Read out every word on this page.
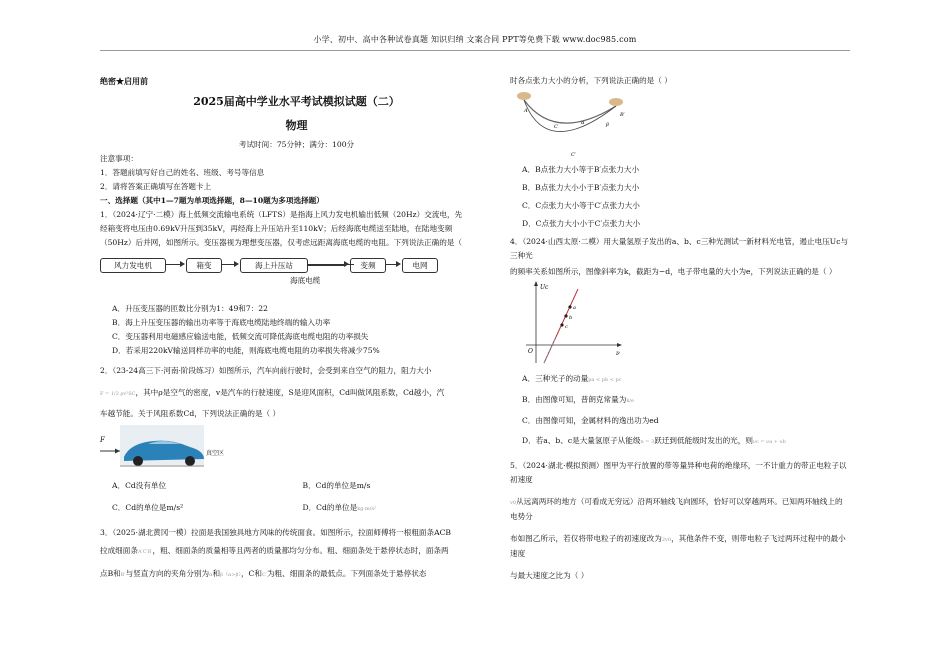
小学、初中、高中各种试卷真题 知识归纳 文案合同 PPT等免费下载 www.doc985.com
绝密★启用前
2025届高中学业水平考试模拟试题（二）
物理
考试时间：75分钟；满分：100分

注意事项：

1．答题前填写好自己的姓名、班级、考号等信息

2．请将答案正确填写在答题卡上

一、选择题（其中1—7题为单项选择题，8—10题为多项选择题）

1．（2024·辽宁·二模）海上低频交流输电系统（LFTS）是指海上风力发电机输出低频（20Hz）交流电，先

经箱变将电压由0.69kV升压到35kV，再经海上升压站升至110kV；后经海底电缆送至陆地，在陆地变频

（50Hz）后并网，如图所示。变压器视为理想变压器，仅考虑远距离海底电缆的电阻。下列说法正确的是（

风力发电机	箱变	海上升压站	变频	电网
海底电缆

A．升压变压器的匝数比分别为1：49和7：22

B．海上升压变压器的输出功率等于海底电缆陆地终端的输入功率

C．变压器利用电磁感应输送电能，低频交流可降低海底电缆电阻的功率损失

D．若采用220kV输送同样功率的电能，则海底电缆电阻的功率损失将减少75%

2．（23-24高三下·河南·阶段练习）如图所示，汽车向前行驶时，会受到来自空气的阻力，阻力大小

F = 1/2 ρv²SC，其中ρ是空气的密度，v是汽车的行驶速度，S是迎风面积，Cd叫做风阻系数，Cd越小，汽

车越节能。关于风阻系数Cd，下列说法正确的是（ ）

F
真空区
A．Cd没有单位	B．Cd的单位是m/s
C．Cd的单位是m/s²	D．Cd的单位是kg·m/s²

3．（2025·湖北黄冈一模）拉面是我国独具地方风味的传统面食。如图所示，拉面师傅将一根粗面条ACB

拉成细面条A′C′B′，粗、细面条的质量相等且两者的质量都均匀分布。粗、细面条处于悬停状态时，面条两

点B和B′与竖直方向的夹角分别为α和β（α>β），C和C′为粗、细面条的最低点。下列面条处于悬停状态

时各点张力大小的分析，下列说法正确的是（ ）

A
B′
C
C′
α	β

A．B点张力大小等于B′点张力大小

B．B点张力大小小于B′点张力大小

C．C点张力大小等于C′点张力大小

D．C点张力大小小于C′点张力大小

4．（2024·山西太原·二模）用大量氢原子发出的a、b、c三种光测试一新材料光电管，遏止电压Uc与三种光

的频率关系如图所示，图像斜率为k，截距为−d，电子带电量的大小为e，下列说法正确的是（ ）

Uc
ν
O
a
b
c

A．三种光子的动量pa < pb < pc

B．由图像可知，普朗克常量为k/e

C．由图像可知，金属材料的逸出功为ed

D．若a、b、c是大量氢原子从能级n = 3跃迁到低能级时发出的光，则νc = νa + νb

5．（2024·湖北·模拟预测）图甲为平行放置的带等量异种电荷的绝缘环，一不计重力的带正电粒子以初速度

v0从远离两环的地方（可看成无穷远）沿两环轴线飞向圆环，恰好可以穿越两环。已知两环轴线上的电势分

布如图乙所示，若仅将带电粒子的初速度改为2v0，其他条件不变，则带电粒子飞过两环过程中的最小速度

与最大速度之比为（ ）
